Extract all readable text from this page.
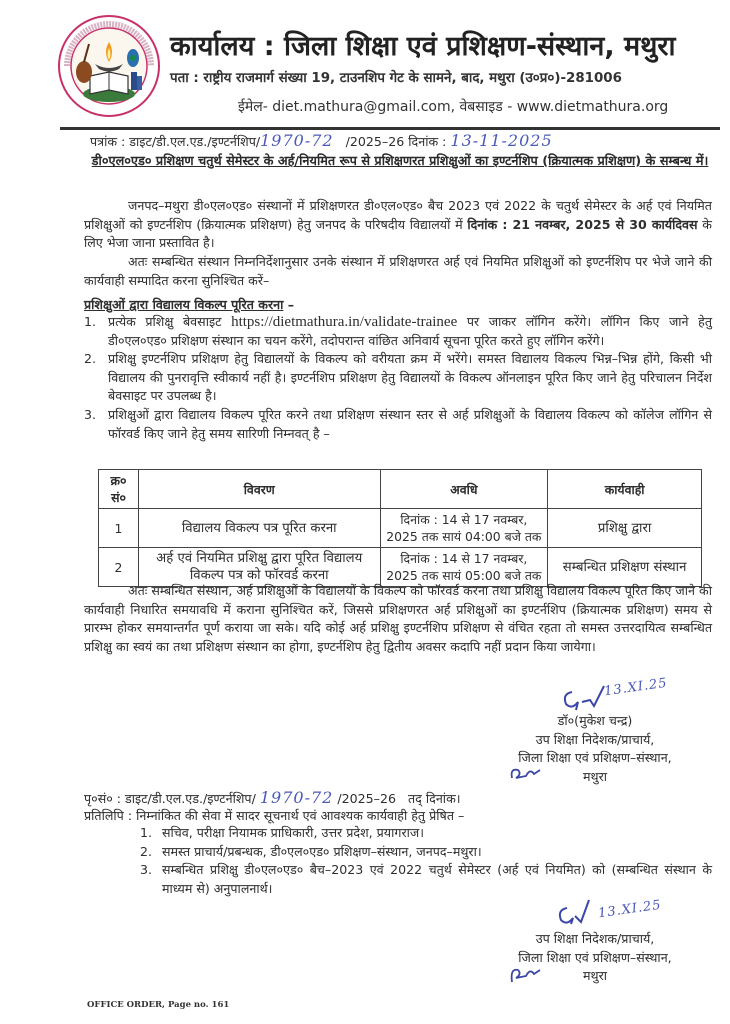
कार्यालय : जिला शिक्षा एवं प्रशिक्षण-संस्थान, मथुरा
पता : राष्ट्रीय राजमार्ग संख्या 19, टाउनशिप गेट के सामने, बाद, मथुरा (उ०प्र०)-281006
ईमेल- diet.mathura@gmail.com, वेबसाइड - www.dietmathura.org
पत्रांक : डाइट/डी.एल.एड./इण्टर्नशिप/1970-72 /2025–26 दिनांक : 13-11-2025
डी०एल०एड० प्रशिक्षण चतुर्थ सेमेस्टर के अर्ह/नियमित रूप से प्रशिक्षणरत प्रशिक्षुओं का इण्टर्नशिप (क्रियात्मक प्रशिक्षण) के सम्बन्ध में।
जनपद–मथुरा डी०एल०एड० संस्थानों में प्रशिक्षणरत डी०एल०एड० बैच 2023 एवं 2022 के चतुर्थ सेमेस्टर के अर्ह एवं नियमित प्रशिक्षुओं को इण्टर्नशिप (क्रियात्मक प्रशिक्षण) हेतु जनपद के परिषदीय विद्यालयों में दिनांक : 21 नवम्बर, 2025 से 30 कार्यदिवस के लिए भेजा जाना प्रस्तावित है।
अतः सम्बन्धित संस्थान निम्ननिर्देशानुसार उनके संस्थान में प्रशिक्षणरत अर्ह एवं नियमित प्रशिक्षुओं को इण्टर्नशिप पर भेजे जाने की कार्यवाही सम्पादित करना सुनिश्चित करें–
प्रशिक्षुओं द्वारा विद्यालय विकल्प पूरित करना –
1. प्रत्येक प्रशिक्षु बेवसाइट https://dietmathura.in/validate-trainee पर जाकर लॉगिन करेंगे। लॉगिन किए जाने हेतु डी०एल०एड० प्रशिक्षण संस्थान का चयन करेंगे, तदोपरान्त वांछित अनिवार्य सूचना पूरित करते हुए लॉगिन करेंगे।
2. प्रशिक्षु इण्टर्नशिप प्रशिक्षण हेतु विद्यालयों के विकल्प को वरीयता क्रम में भरेंगे। समस्त विद्यालय विकल्प भिन्न–भिन्न होंगे, किसी भी विद्यालय की पुनरावृत्ति स्वीकार्य नहीं है। इण्टर्नशिप प्रशिक्षण हेतु विद्यालयों के विकल्प ऑनलाइन पूरित किए जाने हेतु परिचालन निर्देश बेवसाइट पर उपलब्ध है।
3. प्रशिक्षुओं द्वारा विद्यालय विकल्प पूरित करने तथा प्रशिक्षण संस्थान स्तर से अर्ह प्रशिक्षुओं के विद्यालय विकल्प को कॉलेज लॉगिन से फॉरवर्ड किए जाने हेतु समय सारिणी निम्नवत् है –
क्र० सं०	विवरण	अवधि	कार्यवाही
1	विद्यालय विकल्प पत्र पूरित करना	दिनांक : 14 से 17 नवम्बर, 2025 तक सायं 04:00 बजे तक	प्रशिक्षु द्वारा
2	अर्ह एवं नियमित प्रशिक्षु द्वारा पूरित विद्यालय विकल्प पत्र को फॉरवर्ड करना	दिनांक : 14 से 17 नवम्बर, 2025 तक सायं 05:00 बजे तक	सम्बन्धित प्रशिक्षण संस्थान
अतः सम्बन्धित संस्थान, अर्ह प्रशिक्षुओं के विद्यालयों के विकल्प को फॉरवर्ड करना तथा प्रशिक्षु विद्यालय विकल्प पूरित किए जाने की कार्यवाही निधारित समयावधि में कराना सुनिश्चित करें, जिससे प्रशिक्षणरत अर्ह प्रशिक्षुओं का इण्टर्नशिप (क्रियात्मक प्रशिक्षण) समय से प्रारम्भ होकर समयान्तर्गत पूर्ण कराया जा सके। यदि कोई अर्ह प्रशिक्षु इण्टर्नशिप प्रशिक्षण से वंचित रहता तो समस्त उत्तरदायित्व सम्बन्धित प्रशिक्षु का स्वयं का तथा प्रशिक्षण संस्थान का होगा, इण्टर्नशिप हेतु द्वितीय अवसर कदापि नहीं प्रदान किया जायेगा।
13.XI.25
डॉ०(मुकेश चन्द्र)
उप शिक्षा निदेशक/प्राचार्य,
जिला शिक्षा एवं प्रशिक्षण–संस्थान,
मथुरा
पृ०सं० : डाइट/डी.एल.एड./इण्टर्नशिप/ 1970-72 /2025–26 तद् दिनांक।
प्रतिलिपि : निम्नांकित की सेवा में सादर सूचनार्थ एवं आवश्यक कार्यवाही हेतु प्रेषित –
1. सचिव, परीक्षा नियामक प्राधिकारी, उत्तर प्रदेश, प्रयागराज।
2. समस्त प्राचार्य/प्रबन्धक, डी०एल०एड० प्रशिक्षण–संस्थान, जनपद–मथुरा।
3. सम्बन्धित प्रशिक्षु डी०एल०एड० बैच–2023 एवं 2022 चतुर्थ सेमेस्टर (अर्ह एवं नियमित) को (सम्बन्धित संस्थान के माध्यम से) अनुपालनार्थ।
13.XI.25
उप शिक्षा निदेशक/प्राचार्य,
जिला शिक्षा एवं प्रशिक्षण–संस्थान,
मथुरा
OFFICE ORDER, Page no. 161
